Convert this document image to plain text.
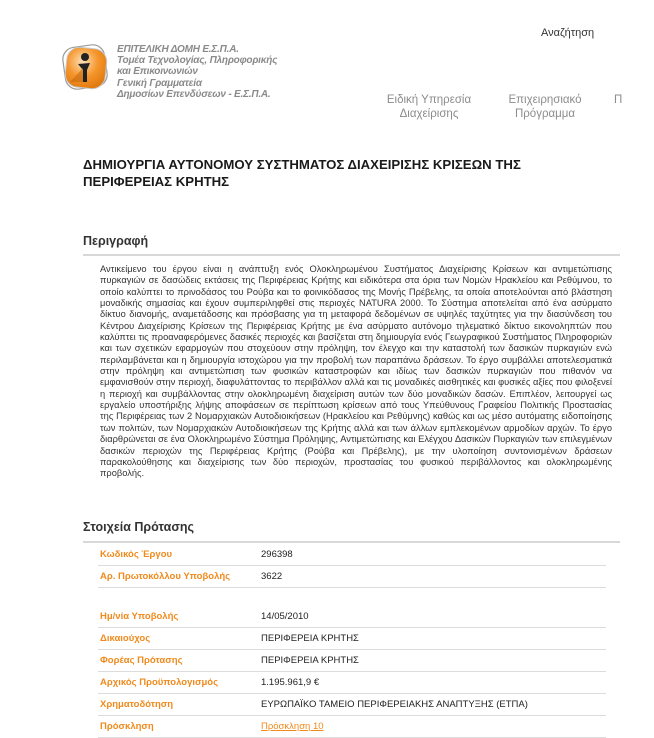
Αναζήτηση
ΕΠΙΤΕΛΙΚΗ ΔΟΜΗ Ε.Σ.Π.Α.
Τομέα Τεχνολογίας, Πληροφορικής
και Επικοινωνιών
Γενική Γραμματεία
Δημοσίων Επενδύσεων - Ε.Σ.Π.Α.	Ειδική Υπηρεσία
Διαχείρισης
Επιχειρησιακό
Πρόγραμμα
Π
ΔΗΜΙΟΥΡΓΙΑ ΑΥΤΟΝΟΜΟΥ ΣΥΣΤΗΜΑΤΟΣ ΔΙΑΧΕΙΡΙΣΗΣ ΚΡΙΣΕΩΝ ΤΗΣ ΠΕΡΙΦΕΡΕΙΑΣ ΚΡΗΤΗΣ
Περιγραφή

Αντικείμενο του έργου είναι η ανάπτυξη ενός Ολοκληρωμένου Συστήματος Διαχείρισης Κρίσεων και αντιμετώπισης πυρκαγιών σε δασώδεις εκτάσεις της Περιφέρειας Κρήτης και ειδικότερα στα όρια των Νομών Ηρακλείου και Ρεθύμνου, το οποίο καλύπτει το πρινοδάσος του Ρούβα και το φοινικόδασος της Μονής Πρέβελης, τα οποία αποτελούνται από βλάστηση μοναδικής σημασίας και έχουν συμπεριληφθεί στις περιοχές NATURA 2000. Το Σύστημα αποτελείται από ένα ασύρματο δίκτυο διανομής, αναμετάδοσης και πρόσβασης για τη μεταφορά δεδομένων σε υψηλές ταχύτητες για την διασύνδεση του Κέντρου Διαχείρισης Κρίσεων της Περιφέρειας Κρήτης με ένα ασύρματο αυτόνομο τηλεματικό δίκτυο εικονοληπτών που καλύπτει τις προαναφερόμενες δασικές περιοχές και βασίζεται στη δημιουργία ενός Γεωγραφικού Συστήματος Πληροφοριών και των σχετικών εφαρμογών που στοχεύουν στην πρόληψη, τον έλεγχο και την καταστολή των δασικών πυρκαγιών ενώ περιλαμβάνεται και η δημιουργία ιστοχώρου για την προβολή των παραπάνω δράσεων. Το έργο συμβάλλει αποτελεσματικά στην πρόληψη και αντιμετώπιση των φυσικών καταστροφών και ιδίως των δασικών πυρκαγιών που πιθανόν να εμφανισθούν στην περιοχή, διαφυλάττοντας το περιβάλλον αλλά και τις μοναδικές αισθητικές και φυσικές αξίες που φιλοξενεί η περιοχή και συμβάλλοντας στην ολοκληρωμένη διαχείριση αυτών των δύο μοναδικών δασών. Επιπλέον, λειτουργεί ως εργαλείο υποστήριξης λήψης αποφάσεων σε περίπτωση κρίσεων από τους Υπεύθυνους Γραφείου Πολιτικής Προστασίας της Περιφέρειας των 2 Νομαρχιακών Αυτοδιοικήσεων (Ηρακλείου και Ρεθύμνης) καθώς και ως μέσο αυτόματης ειδοποίησης των πολιτών, των Νομαρχιακών Αυτοδιοικήσεων της Κρήτης αλλά και των άλλων εμπλεκομένων αρμοδίων αρχών. Το έργο διαρθρώνεται σε ένα Ολοκληρωμένο Σύστημα Πρόληψης, Αντιμετώπισης και Ελέγχου Δασικών Πυρκαγιών των επιλεγμένων δασικών περιοχών της Περιφέρειας Κρήτης (Ρούβα και Πρέβελης), με την υλοποίηση συντονισμένων δράσεων παρακολούθησης και διαχείρισης των δύο περιοχών, προστασίας του φυσικού περιβάλλοντος και ολοκληρωμένης προβολής.

Στοιχεία Πρότασης
Κωδικός Έργου	296398
Αρ. Πρωτοκόλλου Υποβολής	3622
Ημ/νία Υποβολής	14/05/2010
Δικαιούχος	ΠΕΡΙΦΕΡΕΙΑ ΚΡΗΤΗΣ
Φορέας Πρότασης	ΠΕΡΙΦΕΡΕΙΑ ΚΡΗΤΗΣ
Αρχικός Προϋπολογισμός	1.195.961,9 €
Χρηματοδότηση	ΕΥΡΩΠΑΪΚΟ ΤΑΜΕΙΟ ΠΕΡΙΦΕΡΕΙΑΚΗΣ ΑΝΑΠΤΥΞΗΣ (ΕΤΠΑ)
Πρόσκληση	Πρόσκληση 10
